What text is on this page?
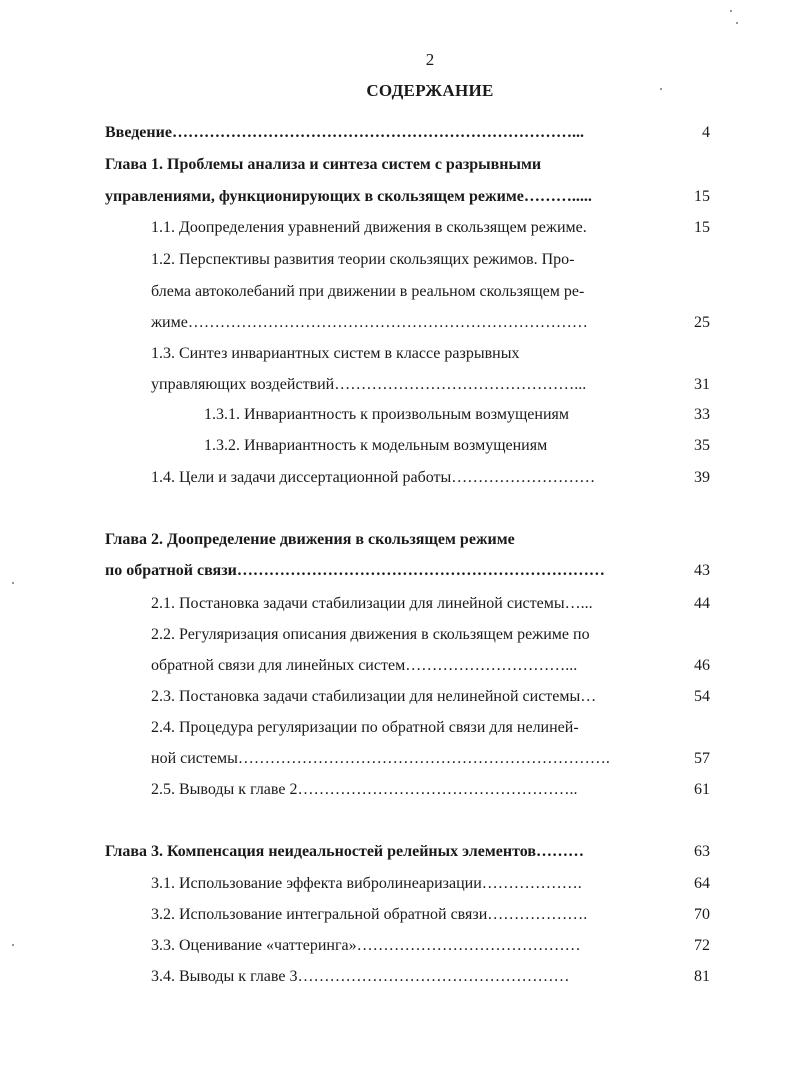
2
СОДЕРЖАНИЕ
Введение…………………………………………………………………...	4
Глава 1. Проблемы анализа и синтеза систем с разрывными
управлениями, функционирующих в скользящем режиме……….....	15
1.1. Доопределения уравнений движения в скользящем режиме.	15
1.2. Перспективы развития теории скользящих режимов. Про-
блема автоколебаний при движении в реальном скользящем ре-
жиме…………………………………………………………………	25
1.3. Синтез инвариантных систем в классе разрывных
управляющих воздействий………………………………………...	31
1.3.1. Инвариантность к произвольным возмущениям	33
1.3.2. Инвариантность к модельным возмущениям	35
1.4. Цели и задачи диссертационной работы………………………	39
Глава 2. Доопределение движения в скользящем режиме
по обратной связи……………………………………………………………	43
2.1. Постановка задачи стабилизации для линейной системы…...	44
2.2. Регуляризация описания движения в скользящем режиме по
обратной связи для линейных систем…………………………...	46
2.3. Постановка задачи стабилизации для нелинейной системы…	54
2.4. Процедура регуляризации по обратной связи для нелиней-
ной системы…………………………………………………………….	57
2.5. Выводы к главе 2……………………………………………..	61
Глава 3. Компенсация неидеальностей релейных элементов………	63
3.1. Использование эффекта вибролинеаризации……………….	64
3.2. Использование интегральной обратной связи……………….	70
3.3. Оценивание «чаттеринга»……………………………………	72
3.4. Выводы к главе 3……………………………………………	81
